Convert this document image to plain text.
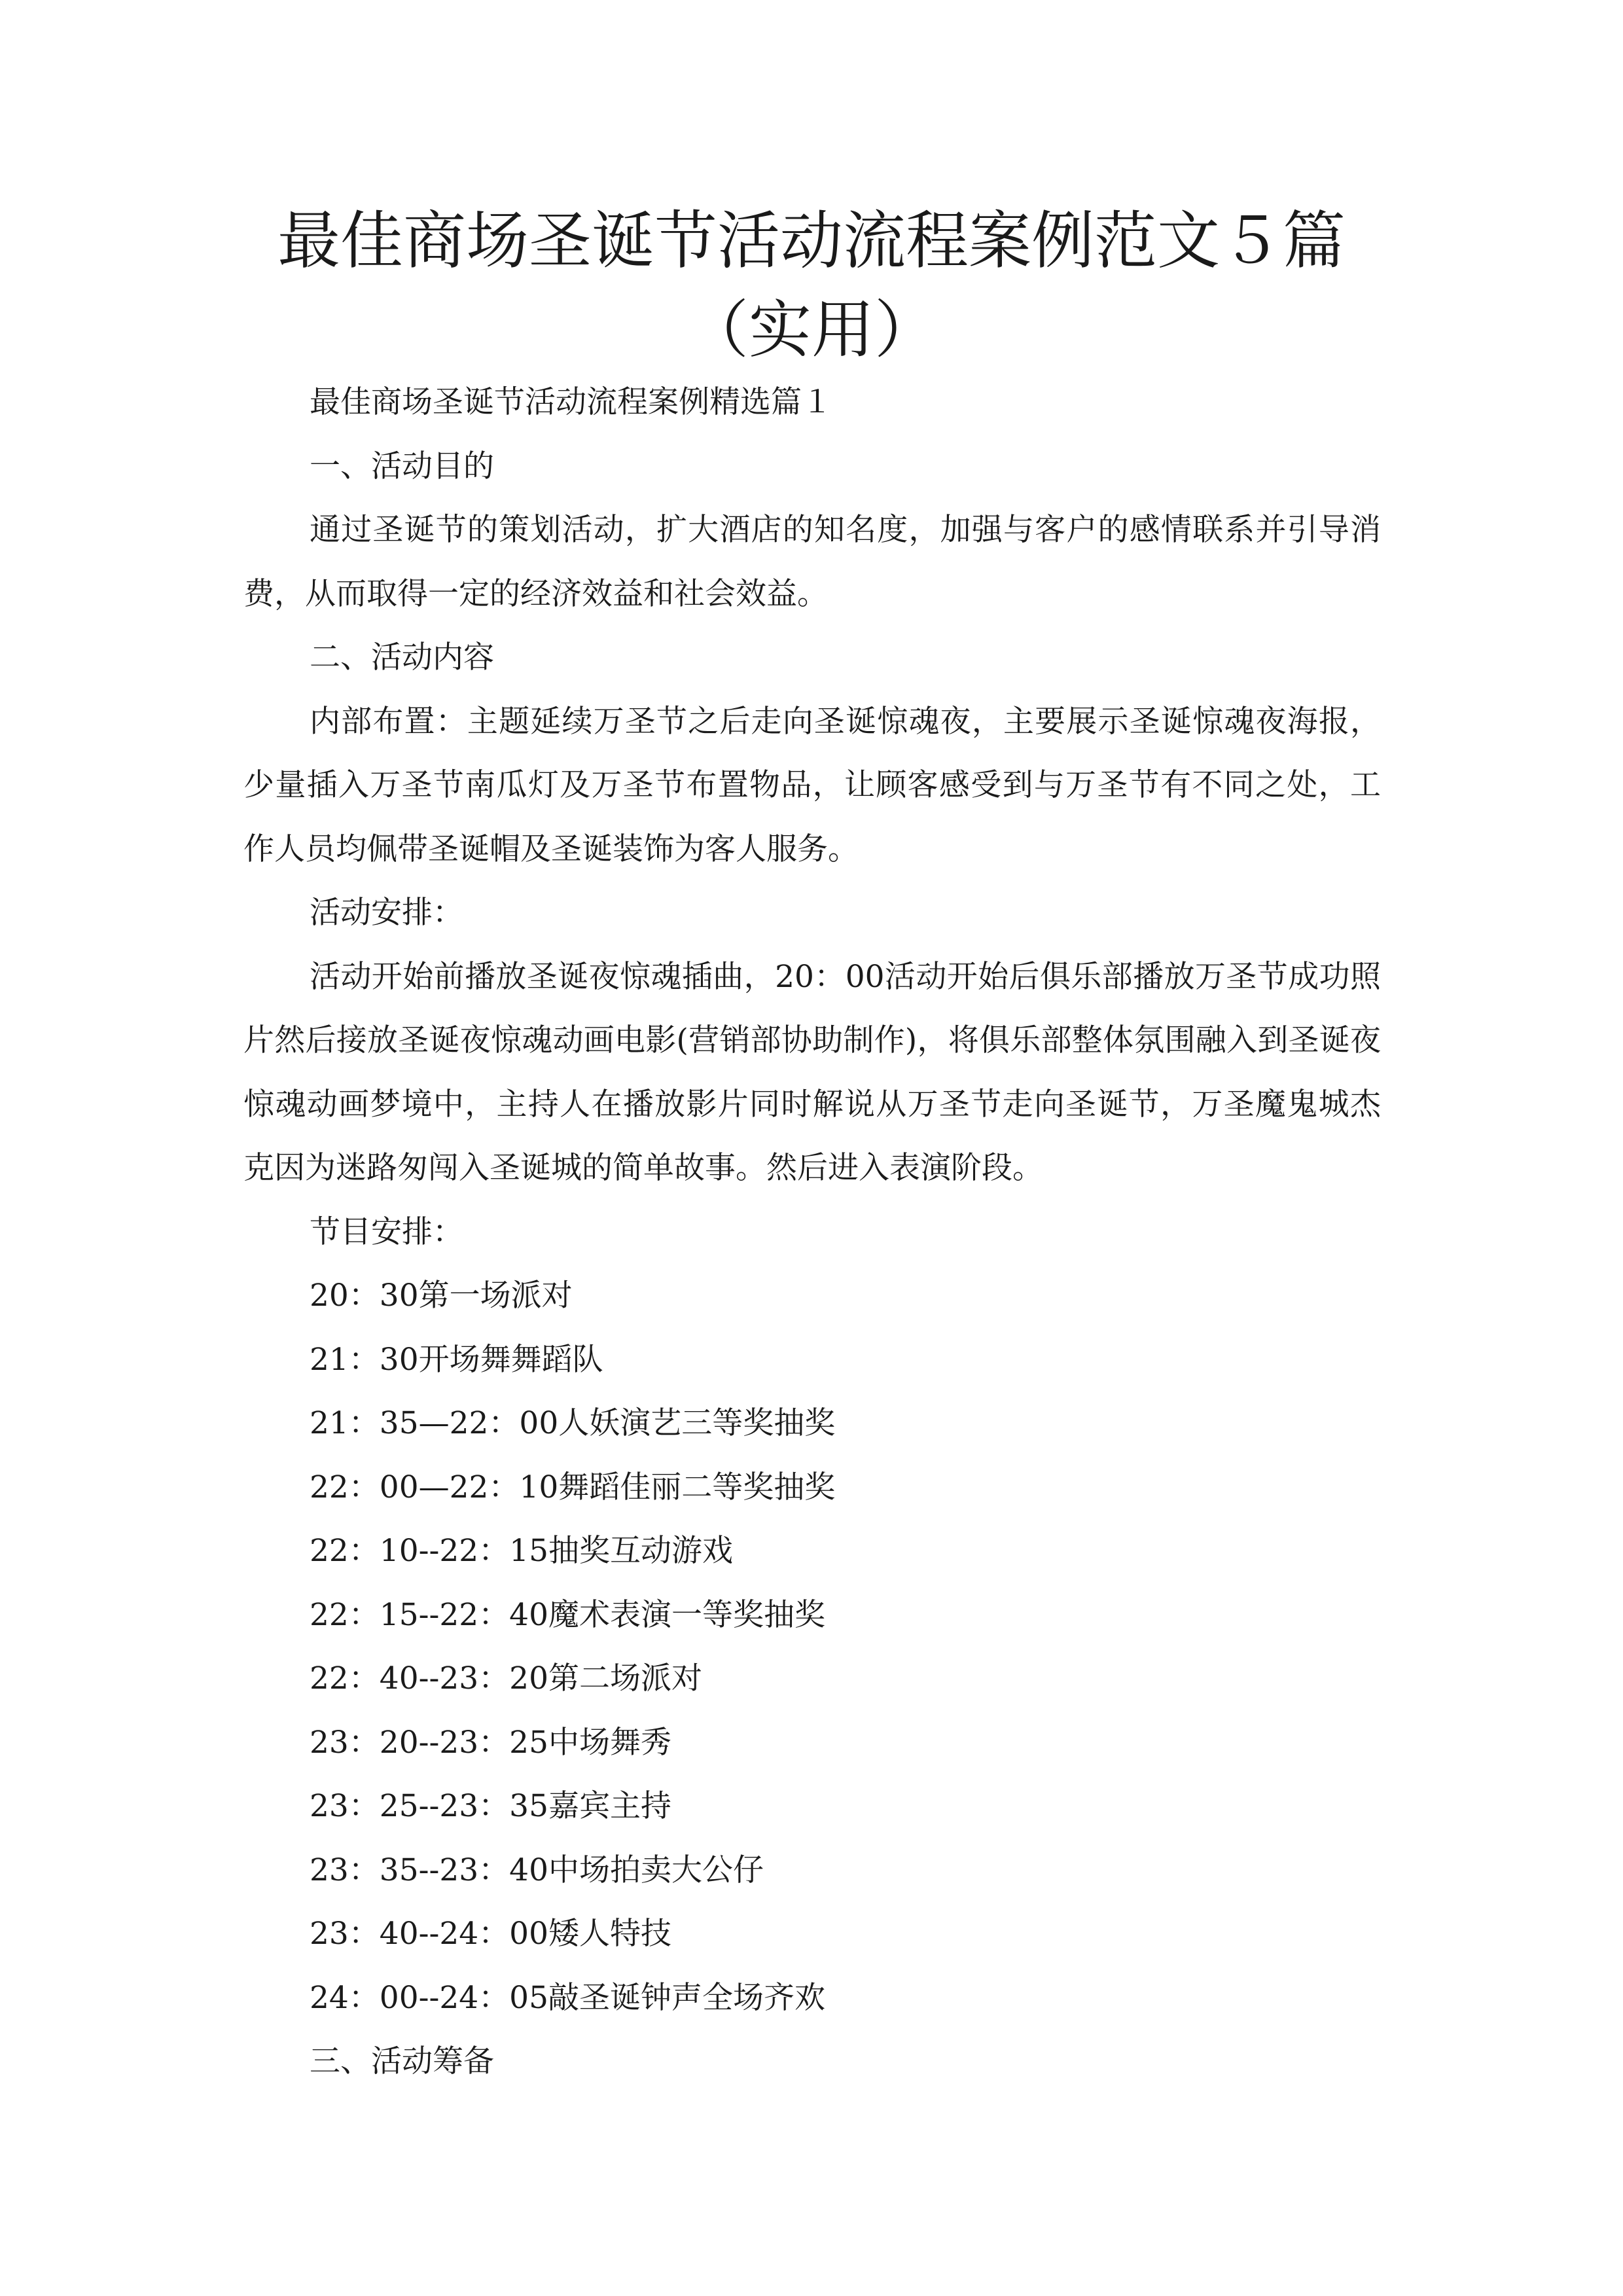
最佳商场圣诞节活动流程案例范文５篇（实用）

最佳商场圣诞节活动流程案例精选篇１

一、活动目的

通过圣诞节的策划活动，扩大酒店的知名度，加强与客户的感情联系并引导消费，从而取得一定的经济效益和社会效益。

二、活动内容

内部布置：主题延续万圣节之后走向圣诞惊魂夜，主要展示圣诞惊魂夜海报，少量插入万圣节南瓜灯及万圣节布置物品，让顾客感受到与万圣节有不同之处，工作人员均佩带圣诞帽及圣诞装饰为客人服务。

活动安排：

活动开始前播放圣诞夜惊魂插曲，20：00活动开始后俱乐部播放万圣节成功照片然后接放圣诞夜惊魂动画电影(营销部协助制作)，将俱乐部整体氛围融入到圣诞夜惊魂动画梦境中，主持人在播放影片同时解说从万圣节走向圣诞节，万圣魔鬼城杰克因为迷路匆闯入圣诞城的简单故事。然后进入表演阶段。

节目安排：

20：30第一场派对

21：30开场舞舞蹈队

21：35—22：00人妖演艺三等奖抽奖

22：00—22：10舞蹈佳丽二等奖抽奖

22：10--22：15抽奖互动游戏

22：15--22：40魔术表演一等奖抽奖

22：40--23：20第二场派对

23：20--23：25中场舞秀

23：25--23：35嘉宾主持

23：35--23：40中场拍卖大公仔

23：40--24：00矮人特技

24：00--24：05敲圣诞钟声全场齐欢

三、活动筹备
